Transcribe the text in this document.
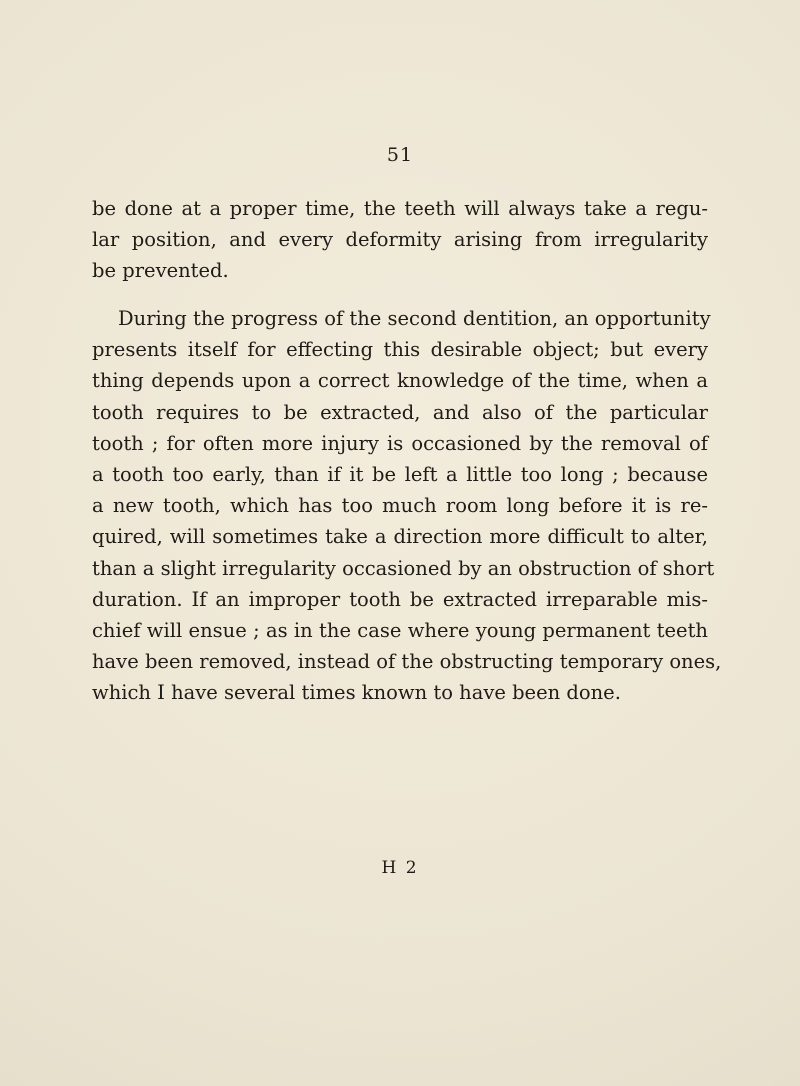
51
be done at a proper time, the teeth will always take a regu-
lar position, and every deformity arising from irregularity
be prevented.
During the progress of the second dentition, an opportunity
presents itself for effecting this desirable object; but every
thing depends upon a correct knowledge of the time, when a
tooth requires to be extracted, and also of the particular
tooth ; for often more injury is occasioned by the removal of
a tooth too early, than if it be left a little too long ; because
a new tooth, which has too much room long before it is re-
quired, will sometimes take a direction more difficult to alter,
than a slight irregularity occasioned by an obstruction of short
duration. If an improper tooth be extracted irreparable mis-
chief will ensue ; as in the case where young permanent teeth
have been removed, instead of the obstructing temporary ones,
which I have several times known to have been done.
H 2
